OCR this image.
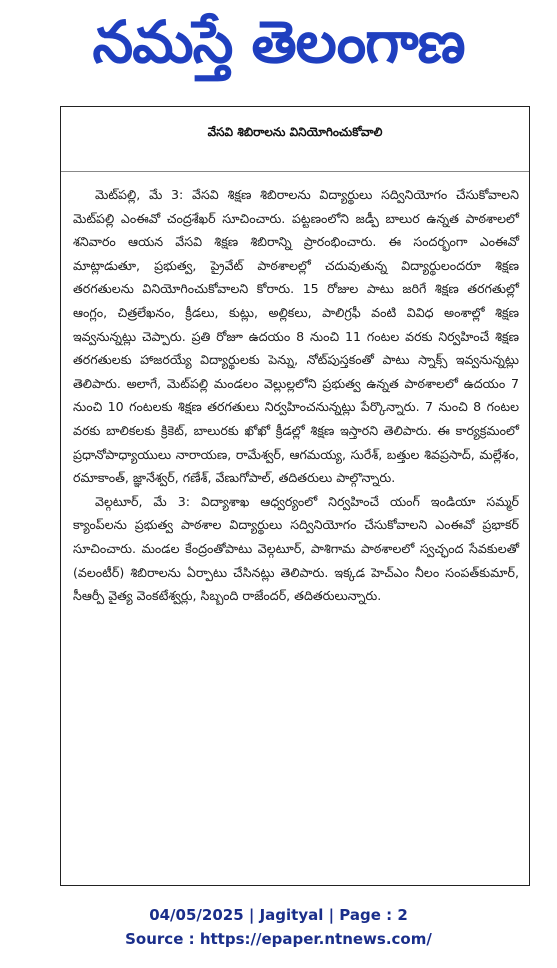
నమస్తే తెలంగాణ
వేసవి శిబిరాలను వినియోగించుకోవాలి

మెట్‌పల్లి, మే 3: వేసవి శిక్షణ శిబిరాలను విద్యార్థులు సద్వినియోగం చేసుకోవాలని మెట్‌పల్లి ఎంఈవో చంద్రశేఖర్ సూచించారు. పట్టణంలోని జడ్పీ బాలుర ఉన్నత పాఠశాలలో శనివారం ఆయన వేసవి శిక్షణ శిబిరాన్ని ప్రారంభించారు. ఈ సందర్భంగా ఎంఈవో మాట్లాడుతూ, ప్రభుత్వ, ప్రైవేట్ పాఠశాలల్లో చదువుతున్న విద్యార్థులందరూ శిక్షణ తరగతులను వినియోగించుకోవాలని కోరారు. 15 రోజుల పాటు జరిగే శిక్షణ తరగతుల్లో ఆంగ్లం, చిత్రలేఖనం, క్రీడలు, కుట్లు, అల్లికలు, పాలిగ్రఫీ వంటి వివిధ అంశాల్లో శిక్షణ ఇవ్వనున్నట్లు చెప్పారు. ప్రతి రోజూ ఉదయం 8 నుంచి 11 గంటల వరకు నిర్వహించే శిక్షణ తరగతులకు హాజరయ్యే విద్యార్థులకు పెన్ను, నోట్‌పుస్తకంతో పాటు స్నాక్స్ ఇవ్వనున్నట్లు తెలిపారు. అలాగే, మెట్‌పల్లి మండలం వెల్లుల్లలోని ప్రభుత్వ ఉన్నత పాఠశాలలో ఉదయం 7 నుంచి 10 గంటలకు శిక్షణ తరగతులు నిర్వహించనున్నట్లు పేర్కొన్నారు. 7 నుంచి 8 గంటల వరకు బాలికలకు క్రికెట్, బాలురకు ఖోఖో క్రీడల్లో శిక్షణ ఇస్తారని తెలిపారు. ఈ కార్యక్రమంలో ప్రధానోపాధ్యాయులు నారాయణ, రామేశ్వర్, ఆగమయ్య, సురేశ్, బత్తుల శివప్రసాద్, మల్లేశం, రమాకాంత్, జ్ఞానేశ్వర్, గణేశ్, వేణుగోపాల్, తదితరులు పాల్గొన్నారు.

వెల్గటూర్, మే 3: విద్యాశాఖ ఆధ్వర్యంలో నిర్వహించే యంగ్ ఇండియా సమ్మర్ క్యాంప్‌లను ప్రభుత్వ పాఠశాల విద్యార్థులు సద్వినియోగం చేసుకోవాలని ఎంఈవో ప్రభాకర్ సూచించారు. మండల కేంద్రంతోపాటు వెల్గటూర్, పాశిగామ పాఠశాలలో స్వచ్ఛంద సేవకులతో (వలంటీర్) శిబిరాలను ఏర్పాటు చేసినట్లు తెలిపారు. ఇక్కడ హెచ్‌ఎం నీలం సంపత్‌కుమార్, సీఆర్పీ వైత్య వెంకటేశ్వర్లు, సిబ్బంది రాజేందర్, తదితరులున్నారు.

04/05/2025 | Jagityal | Page : 2
Source : https://epaper.ntnews.com/
